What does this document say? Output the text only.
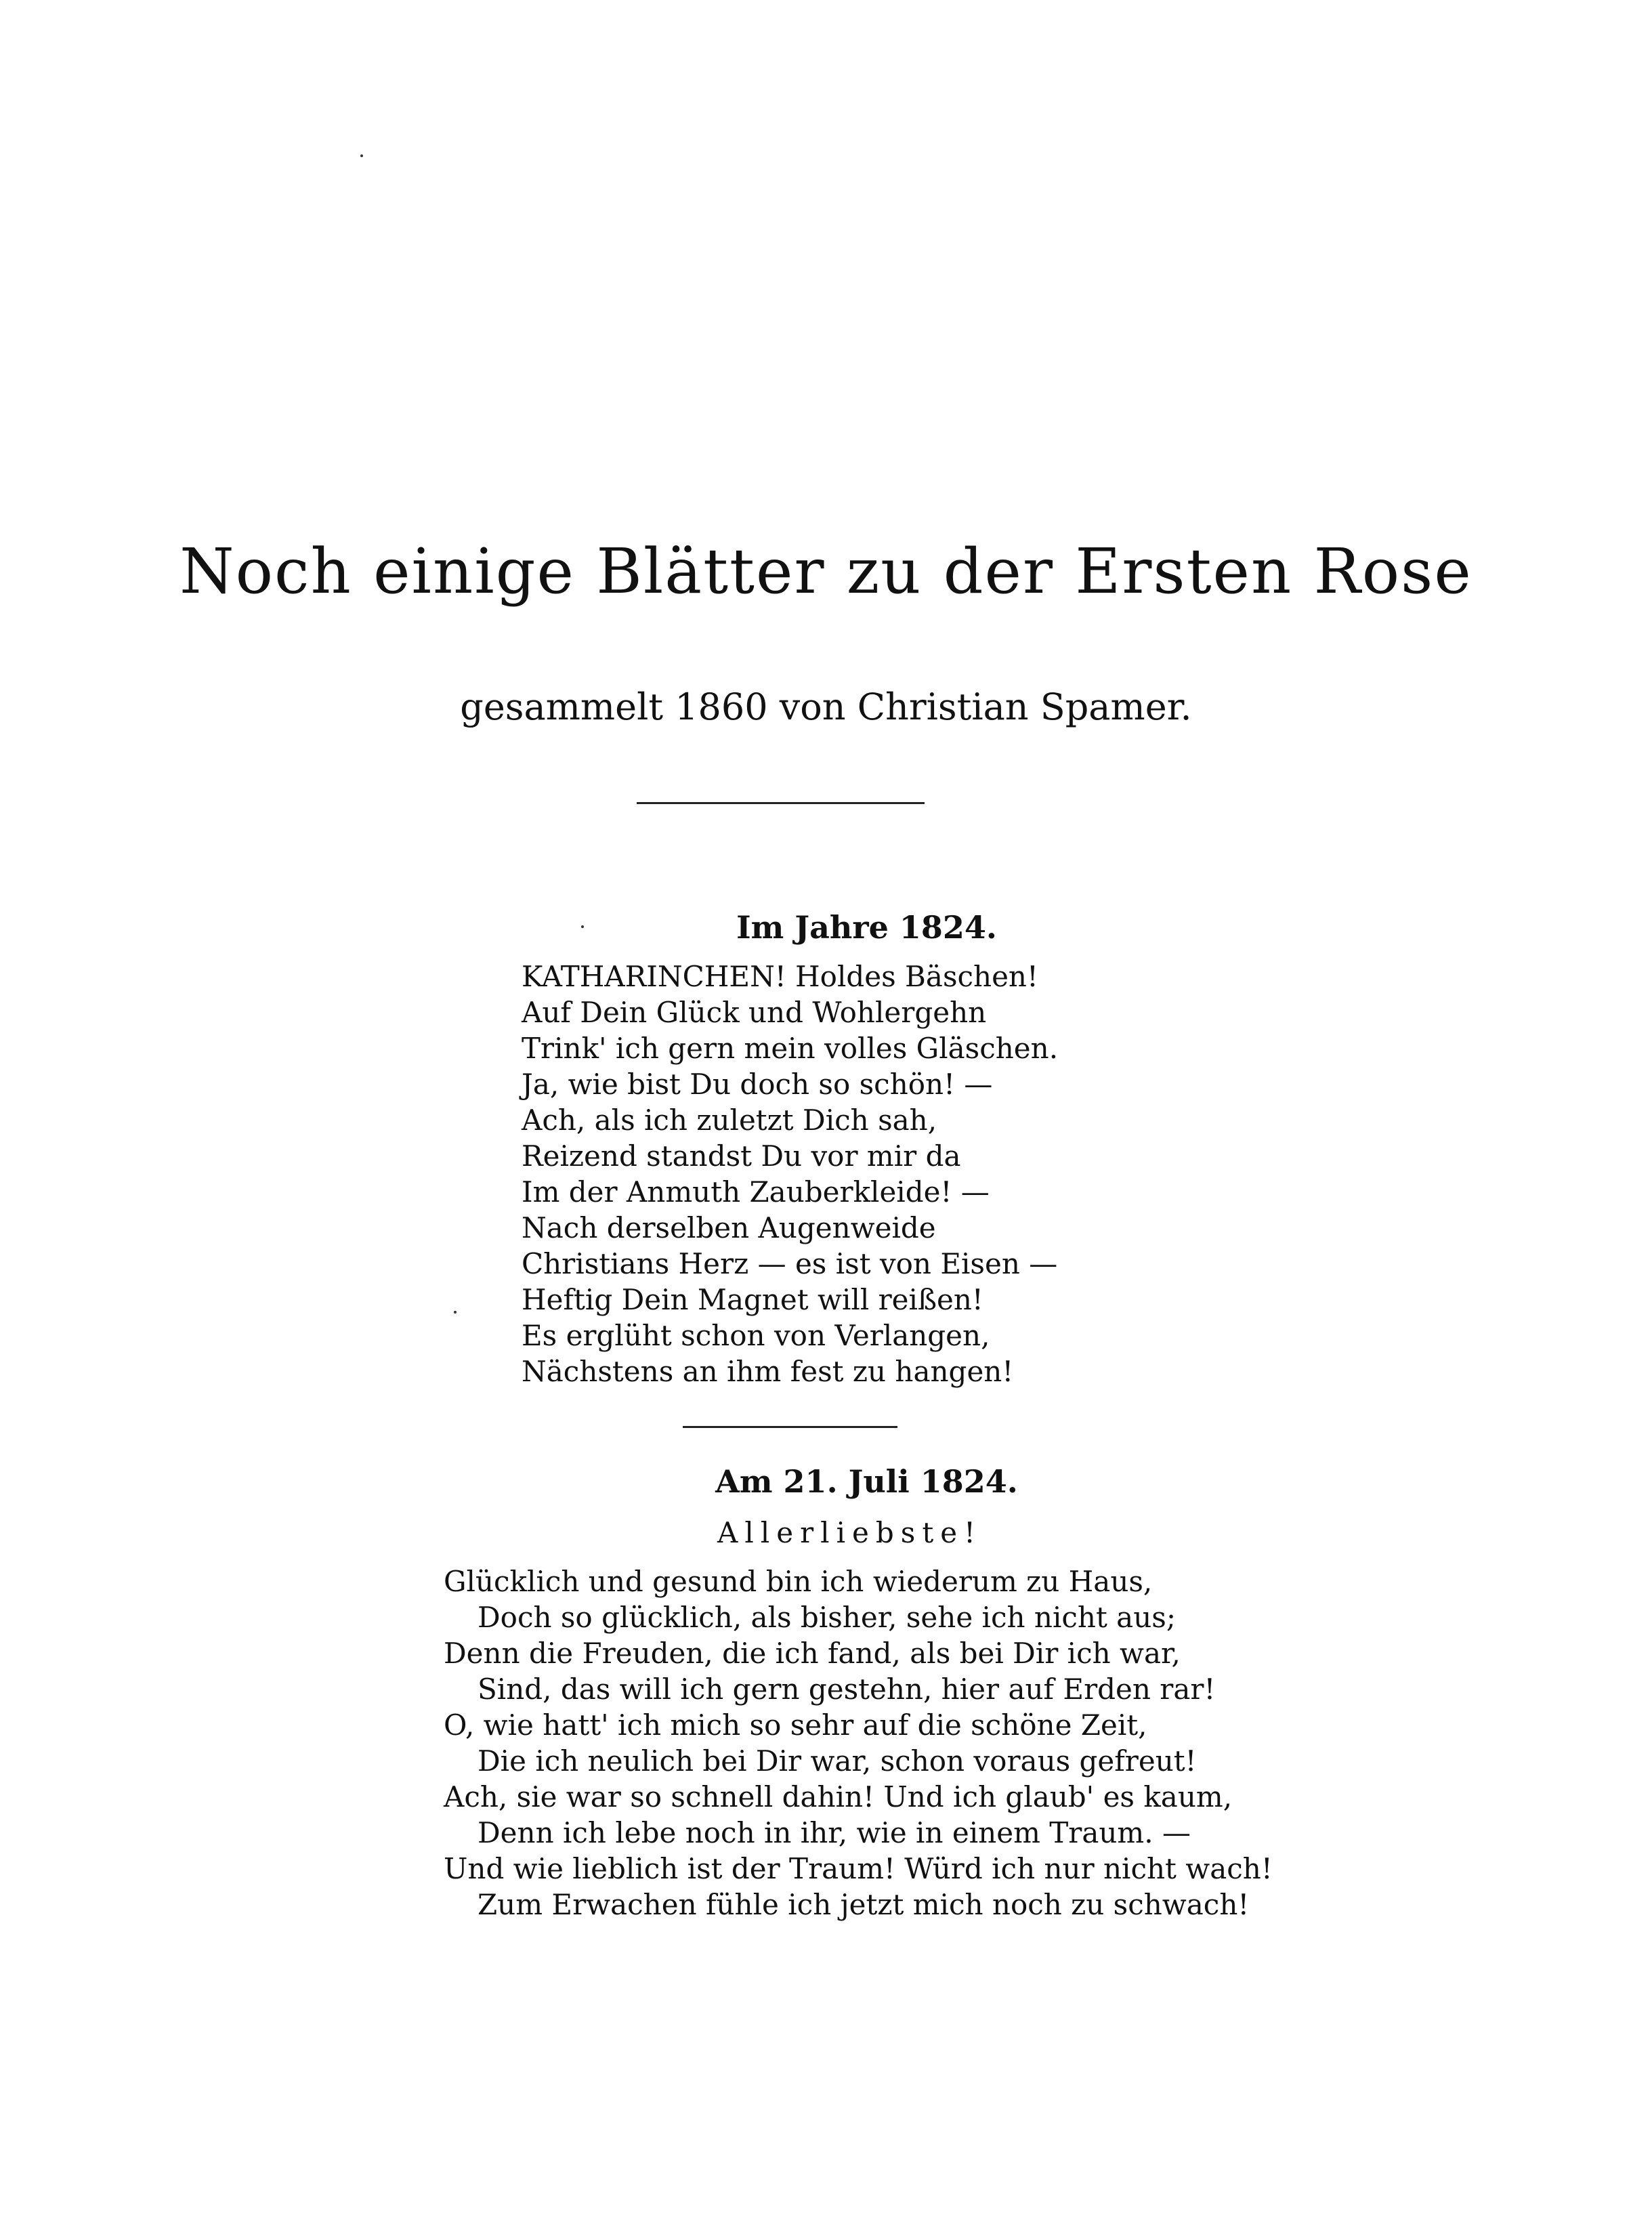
Noch einige Blätter zu der Ersten Rose

gesammelt 1860 von Christian Spamer.

Im Jahre 1824.
KATHARINCHEN! Holdes Bäschen!
Auf Dein Glück und Wohlergehn
Trink' ich gern mein volles Gläschen.
Ja, wie bist Du doch so schön! —
Ach, als ich zuletzt Dich sah,
Reizend standst Du vor mir da
Im der Anmuth Zauberkleide! —
Nach derselben Augenweide
Christians Herz — es ist von Eisen —
Heftig Dein Magnet will reißen!
Es erglüht schon von Verlangen,
Nächstens an ihm fest zu hangen!
Am 21. Juli 1824.

Allerliebste!

Glücklich und gesund bin ich wiederum zu Haus,
Doch so glücklich, als bisher, sehe ich nicht aus;
Denn die Freuden, die ich fand, als bei Dir ich war,
Sind, das will ich gern gestehn, hier auf Erden rar!
O, wie hatt' ich mich so sehr auf die schöne Zeit,
Die ich neulich bei Dir war, schon voraus gefreut!
Ach, sie war so schnell dahin! Und ich glaub' es kaum,
Denn ich lebe noch in ihr, wie in einem Traum. —
Und wie lieblich ist der Traum! Würd ich nur nicht wach!
Zum Erwachen fühle ich jetzt mich noch zu schwach!
